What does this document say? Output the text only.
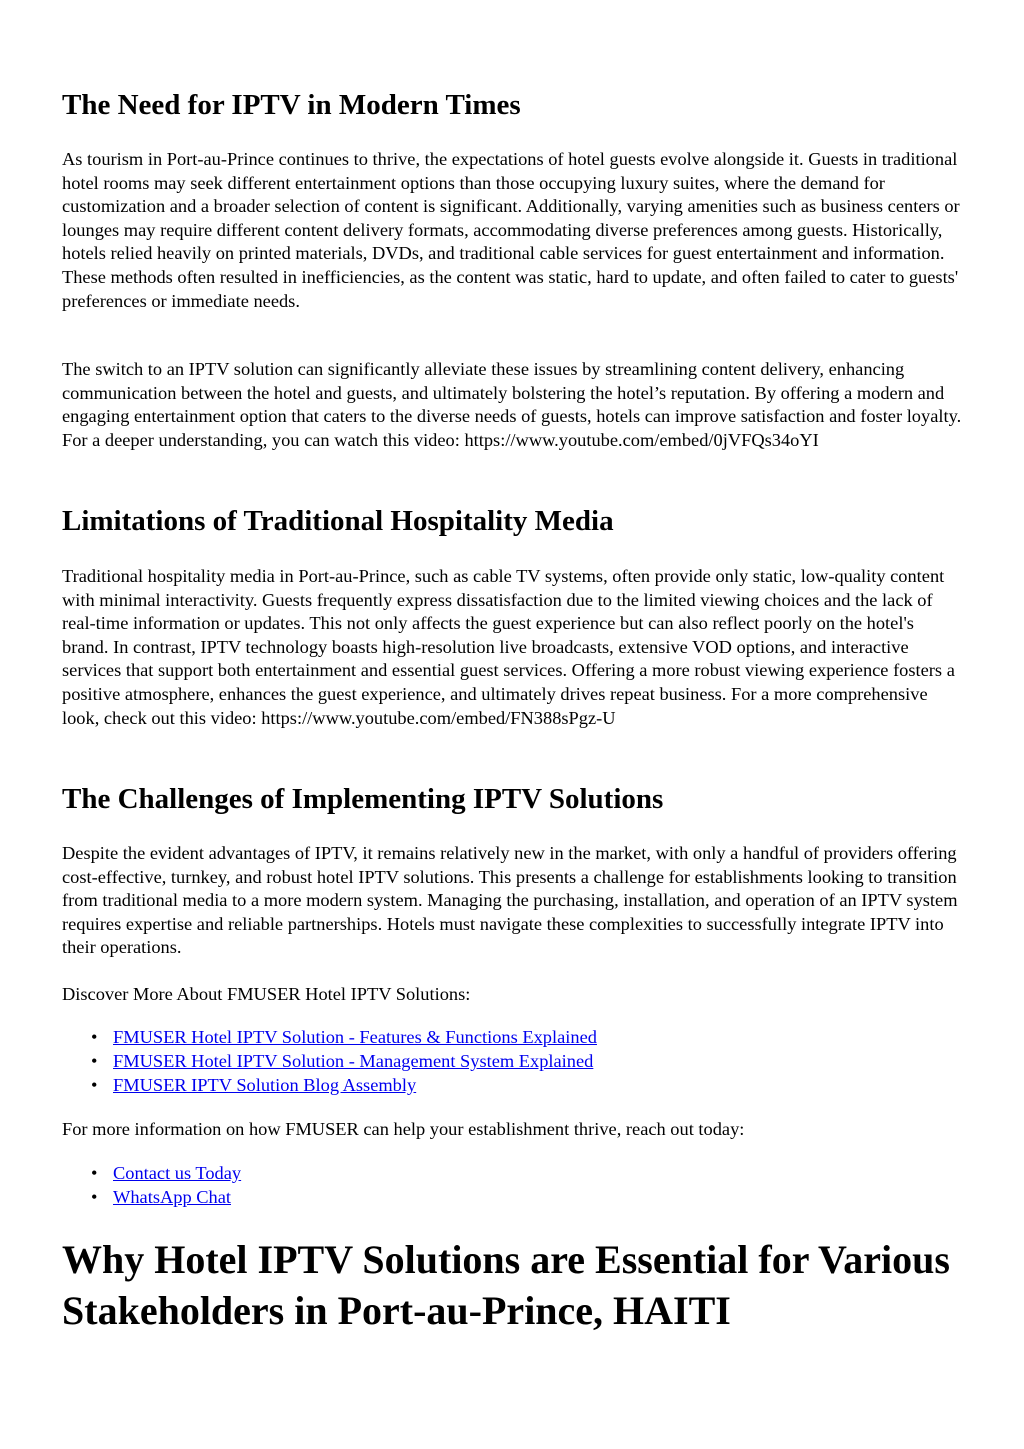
The Need for IPTV in Modern Times

As tourism in Port-au-Prince continues to thrive, the expectations of hotel guests evolve alongside it. Guests in traditional hotel rooms may seek different entertainment options than those occupying luxury suites, where the demand for customization and a broader selection of content is significant. Additionally, varying amenities such as business centers or lounges may require different content delivery formats, accommodating diverse preferences among guests. Historically, hotels relied heavily on printed materials, DVDs, and traditional cable services for guest entertainment and information. These methods often resulted in inefficiencies, as the content was static, hard to update, and often failed to cater to guests' preferences or immediate needs.

The switch to an IPTV solution can significantly alleviate these issues by streamlining content delivery, enhancing communication between the hotel and guests, and ultimately bolstering the hotel’s reputation. By offering a modern and engaging entertainment option that caters to the diverse needs of guests, hotels can improve satisfaction and foster loyalty. For a deeper understanding, you can watch this video: https://www.youtube.com/embed/0jVFQs34oYI

Limitations of Traditional Hospitality Media

Traditional hospitality media in Port-au-Prince, such as cable TV systems, often provide only static, low-quality content with minimal interactivity. Guests frequently express dissatisfaction due to the limited viewing choices and the lack of real-time information or updates. This not only affects the guest experience but can also reflect poorly on the hotel's brand. In contrast, IPTV technology boasts high-resolution live broadcasts, extensive VOD options, and interactive services that support both entertainment and essential guest services. Offering a more robust viewing experience fosters a positive atmosphere, enhances the guest experience, and ultimately drives repeat business. For a more comprehensive look, check out this video: https://www.youtube.com/embed/FN388sPgz-U

The Challenges of Implementing IPTV Solutions

Despite the evident advantages of IPTV, it remains relatively new in the market, with only a handful of providers offering cost-effective, turnkey, and robust hotel IPTV solutions. This presents a challenge for establishments looking to transition from traditional media to a more modern system. Managing the purchasing, installation, and operation of an IPTV system requires expertise and reliable partnerships. Hotels must navigate these complexities to successfully integrate IPTV into their operations.

Discover More About FMUSER Hotel IPTV Solutions:

• FMUSER Hotel IPTV Solution - Features & Functions Explained
• FMUSER Hotel IPTV Solution - Management System Explained
• FMUSER IPTV Solution Blog Assembly

For more information on how FMUSER can help your establishment thrive, reach out today:

• Contact us Today
• WhatsApp Chat
Why Hotel IPTV Solutions are Essential for Various Stakeholders in Port-au-Prince, HAITI
